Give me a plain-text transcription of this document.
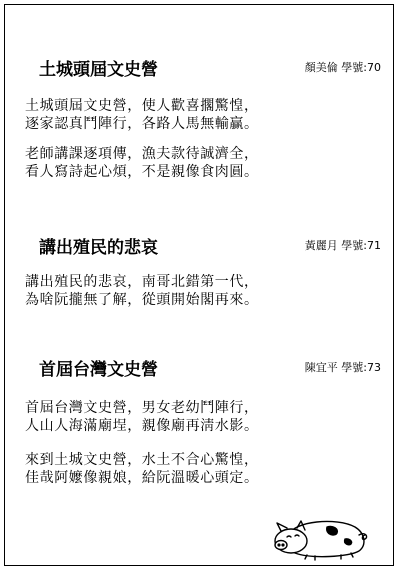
土城頭屆文史營	顏美倫 學號:70
土城頭屆文史營，使人歡喜擱驚惶，
逐家認真鬥陣行，各路人馬無輸贏。
老師講課逐項傳，漁夫款待誠濟全，
看人寫詩起心煩，不是親像食肉圓。
講出殖民的悲哀	黃麗月 學號:71
講出殖民的悲哀，南哥北錯第一代，
為啥阮攏無了解，從頭開始閣再來。
首屆台灣文史營	陳宜平 學號:73
首屆台灣文史營，男女老幼鬥陣行，
人山人海滿廟埕，親像廟再淸水影。
來到土城文史營，水土不合心驚惶，
佳哉阿嬤像親娘，給阮溫暖心頭定。
